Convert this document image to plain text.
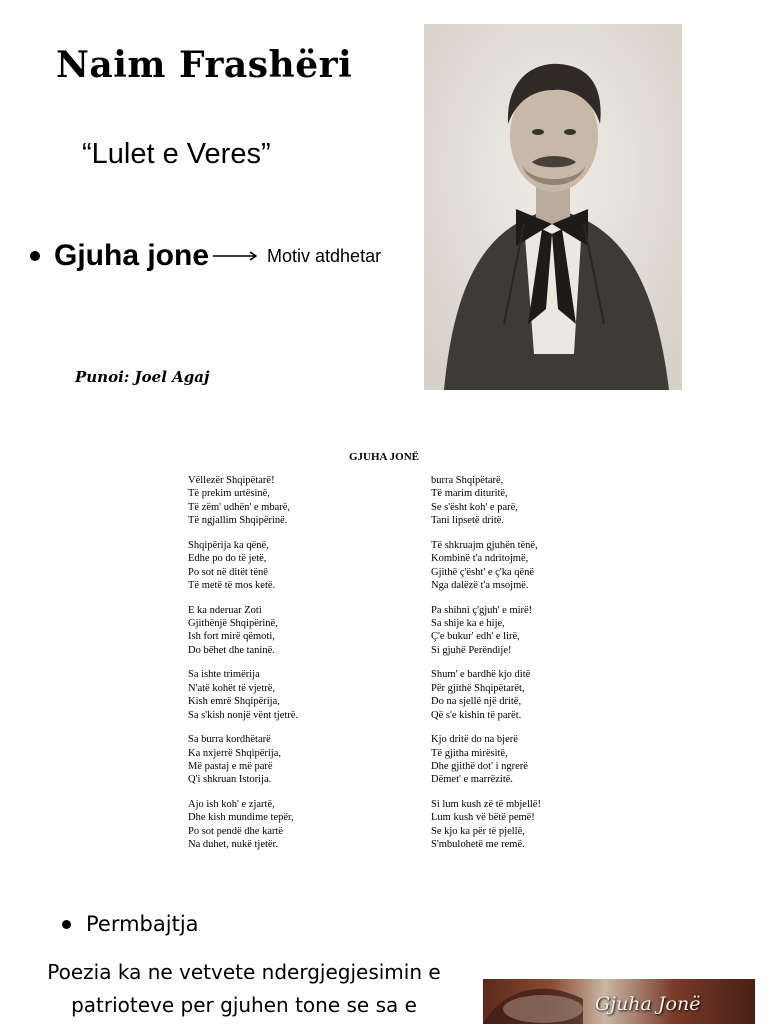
Naim Frashëri
“Lulet e Veres”
Gjuha jone	Motiv atdhetar
Punoi: Joel Agaj
GJUHA JONË
Vëllezër Shqipëtarë!
Të prekim urtësinë,
Të zëm' udhën' e mbarë,
Të ngjallim Shqipërinë.
Shqipërija ka qënë,
Edhe po do të jetë,
Po sot në ditët tënë
Të metë të mos ketë.
E ka nderuar Zoti
Gjithënjë Shqipërinë,
Ish fort mirë qëmoti,
Do bëhet dhe taninë.
Sa ishte trimërija
N'atë kohët të vjetrë,
Kish emrë Shqipërija,
Sa s'kish nonjë vënt tjetrë.
Sa burra kordhëtarë
Ka nxjerrë Shqipërija,
Më pastaj e më parë
Q'i shkruan Istorija.
Ajo ish koh' e zjartë,
Dhe kish mundime tepër,
Po sot pendë dhe kartë
Na duhet, nukë tjetër.
burra Shqipëtarë,
Të marim dituritë,
Se s'ësht koh' e parë,
Tani lipsetë dritë.
Të shkruajm gjuhën tënë,
Kombinë t'a ndritojmë,
Gjithë ç'ësht' e ç'ka qënë
Nga dalëzë t'a msojmë.
Pa shihni ç'gjuh' e mirë!
Sa shije ka e hije,
Ç'e bukur' edh' e lirë,
Si gjuhë Perëndije!
Shum' e bardhë kjo ditë
Për gjithë Shqipëtarët,
Do na sjellë një dritë,
Që s'e kishin të parët.
Kjo dritë do na bjerë
Të gjitha mirësitë,
Dhe gjithë dot' i ngrerë
Dëmet' e marrëzitë.
Si lum kush zë të mbjellë!
Lum kush vë bëtë pemë!
Se kjo ka për të pjellë,
S'mbulohetë me remë.
Permbajtja
Poezia ka ne vetvete ndergjegjesimin e patrioteve per gjuhen tone se sa e	Gjuha Jonë
